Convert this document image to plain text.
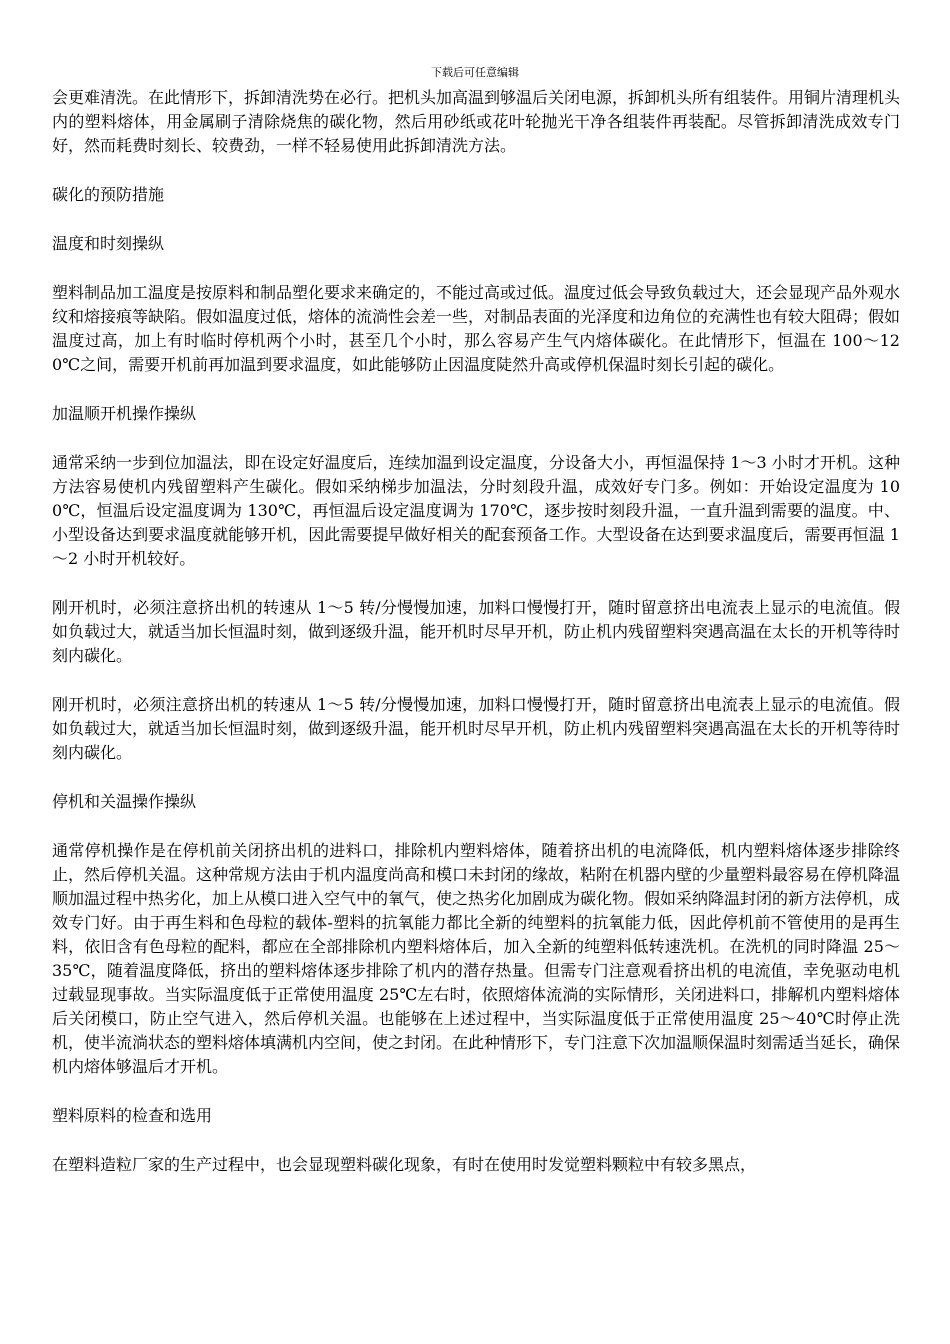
下载后可任意编辑

会更难清洗。在此情形下，拆卸清洗势在必行。把机头加高温到够温后关闭电源，拆卸机头所有组装件。用铜片清理机头内的塑料熔体，用金属刷子清除烧焦的碳化物，然后用砂纸或花叶轮抛光干净各组装件再装配。尽管拆卸清洗成效专门好，然而耗费时刻长、较费劲，一样不轻易使用此拆卸清洗方法。

碳化的预防措施

温度和时刻操纵

塑料制品加工温度是按原料和制品塑化要求来确定的，不能过高或过低。温度过低会导致负载过大，还会显现产品外观水纹和熔接痕等缺陷。假如温度过低，熔体的流淌性会差一些，对制品表面的光泽度和边角位的充满性也有较大阻碍；假如温度过高，加上有时临时停机两个小时，甚至几个小时，那么容易产生气内熔体碳化。在此情形下，恒温在 100～120℃之间，需要开机前再加温到要求温度，如此能够防止因温度陡然升高或停机保温时刻长引起的碳化。

加温顺开机操作操纵

通常采纳一步到位加温法，即在设定好温度后，连续加温到设定温度，分设备大小，再恒温保持 1～3 小时才开机。这种方法容易使机内残留塑料产生碳化。假如采纳梯步加温法，分时刻段升温，成效好专门多。例如：开始设定温度为 100℃，恒温后设定温度调为 130℃，再恒温后设定温度调为 170℃，逐步按时刻段升温，一直升温到需要的温度。中、小型设备达到要求温度就能够开机，因此需要提早做好相关的配套预备工作。大型设备在达到要求温度后，需要再恒温 1～2 小时开机较好。

刚开机时，必须注意挤出机的转速从 1～5 转/分慢慢加速，加料口慢慢打开，随时留意挤出电流表上显示的电流值。假如负载过大，就适当加长恒温时刻，做到逐级升温，能开机时尽早开机，防止机内残留塑料突遇高温在太长的开机等待时刻内碳化。

刚开机时，必须注意挤出机的转速从 1～5 转/分慢慢加速，加料口慢慢打开，随时留意挤出电流表上显示的电流值。假如负载过大，就适当加长恒温时刻，做到逐级升温，能开机时尽早开机，防止机内残留塑料突遇高温在太长的开机等待时刻内碳化。

停机和关温操作操纵

通常停机操作是在停机前关闭挤出机的进料口，排除机内塑料熔体，随着挤出机的电流降低，机内塑料熔体逐步排除终止，然后停机关温。这种常规方法由于机内温度尚高和模口未封闭的缘故，粘附在机器内壁的少量塑料最容易在停机降温顺加温过程中热劣化，加上从模口进入空气中的氧气，使之热劣化加剧成为碳化物。假如采纳降温封闭的新方法停机，成效专门好。由于再生料和色母粒的载体-塑料的抗氧能力都比全新的纯塑料的抗氧能力低，因此停机前不管使用的是再生料，依旧含有色母粒的配料，都应在全部排除机内塑料熔体后，加入全新的纯塑料低转速洗机。在洗机的同时降温 25～35℃，随着温度降低，挤出的塑料熔体逐步排除了机内的潜存热量。但需专门注意观看挤出机的电流值，幸免驱动电机过载显现事故。当实际温度低于正常使用温度 25℃左右时，依照熔体流淌的实际情形，关闭进料口，排解机内塑料熔体后关闭模口，防止空气进入，然后停机关温。也能够在上述过程中，当实际温度低于正常使用温度 25～40℃时停止洗机，使半流淌状态的塑料熔体填满机内空间，使之封闭。在此种情形下，专门注意下次加温顺保温时刻需适当延长，确保机内熔体够温后才开机。

塑料原料的检查和选用

在塑料造粒厂家的生产过程中，也会显现塑料碳化现象，有时在使用时发觉塑料颗粒中有较多黑点，
